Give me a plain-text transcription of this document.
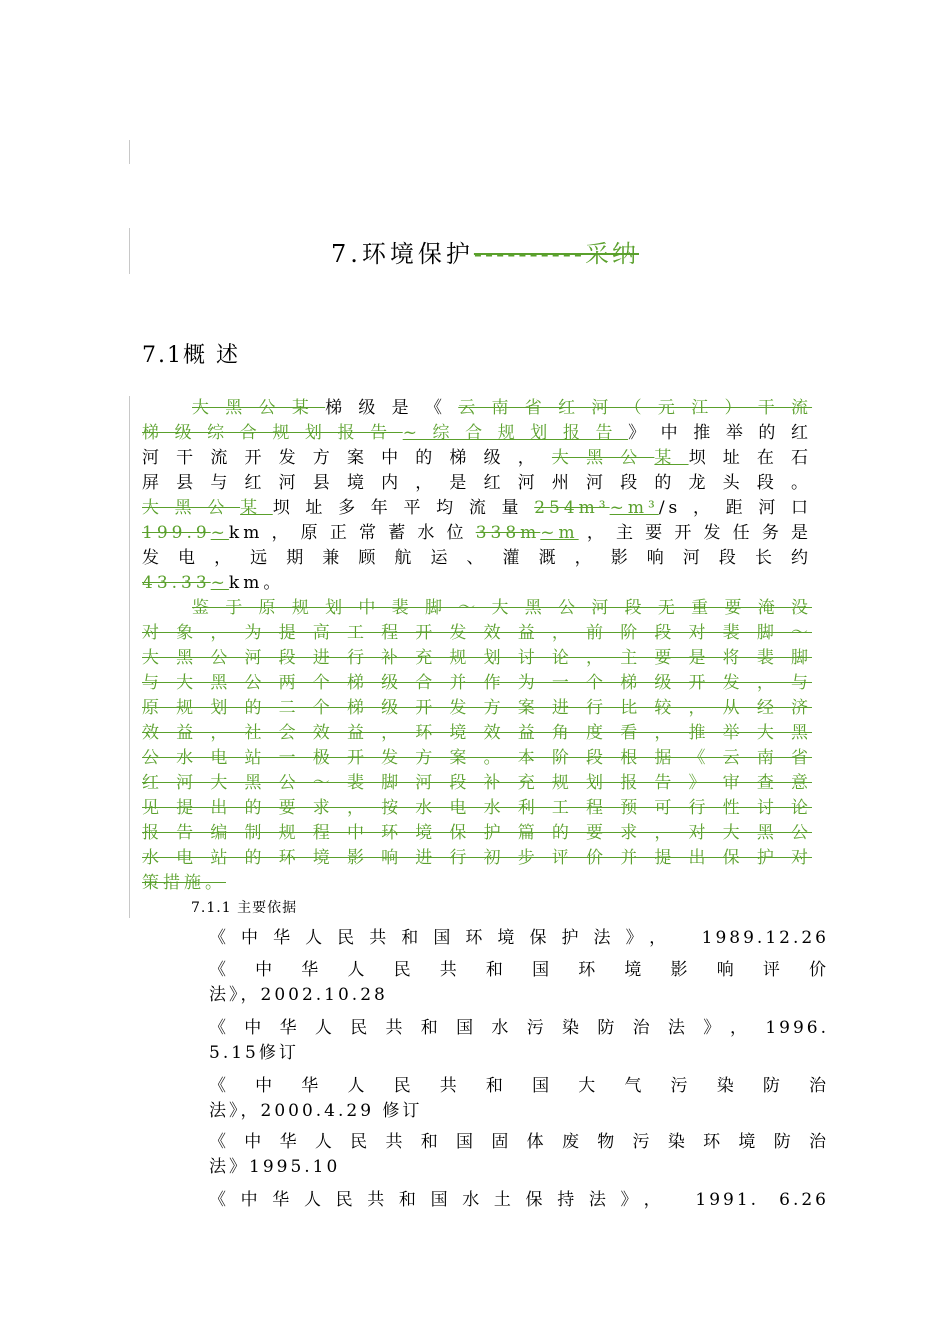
7.环境保护----------采纳
7.1概 述
大黑公某梯级是《云南省红河（元江）干流
梯级综合规划报告~综合规划报告》中推举的红
河干流开发方案中的梯级，大黑公某坝址在石
屏县与红河县境内，是红河州河段的龙头段。
大黑公某坝址多年平均流量254m³~m³/s，距河口
199.9~km，原正常蓄水位338m~m，主要开发任务是
发电，远期兼顾航运、灌溉，影响河段长约
43.33~km。
鉴于原规划中裴脚～大黑公河段无重要淹没
对象，为提高工程开发效益，前阶段对裴脚～
大黑公河段进行补充规划讨论，主要是将裴脚
与大黑公两个梯级合并作为一个梯级开发，与
原规划的二个梯级开发方案进行比较，从经济
效益，社会效益，环境效益角度看，推举大黑
公水电站一极开发方案。本阶段根据《云南省
红河大黑公～裴脚河段补充规划报告》审查意
见提出的要求，按水电水利工程预可行性讨论
报告编制规程中环境保护篇的要求，对大黑公
水电站的环境影响进行初步评价并提出保护对
策措施。
7.1.1 主要依据
《中华人民共和国环境保护法》， 1989.12.26
《中华人民共和国环境影响评价
法》，2002.10.28
《中华人民共和国水污染防治法》，1996.
5.15修订
《中华人民共和国大气污染防治
法》，2000.4.29 修订
《中华人民共和国固体废物污染环境防治
法》1995.10
《中华人民共和国水土保持法》， 1991. 6.26
